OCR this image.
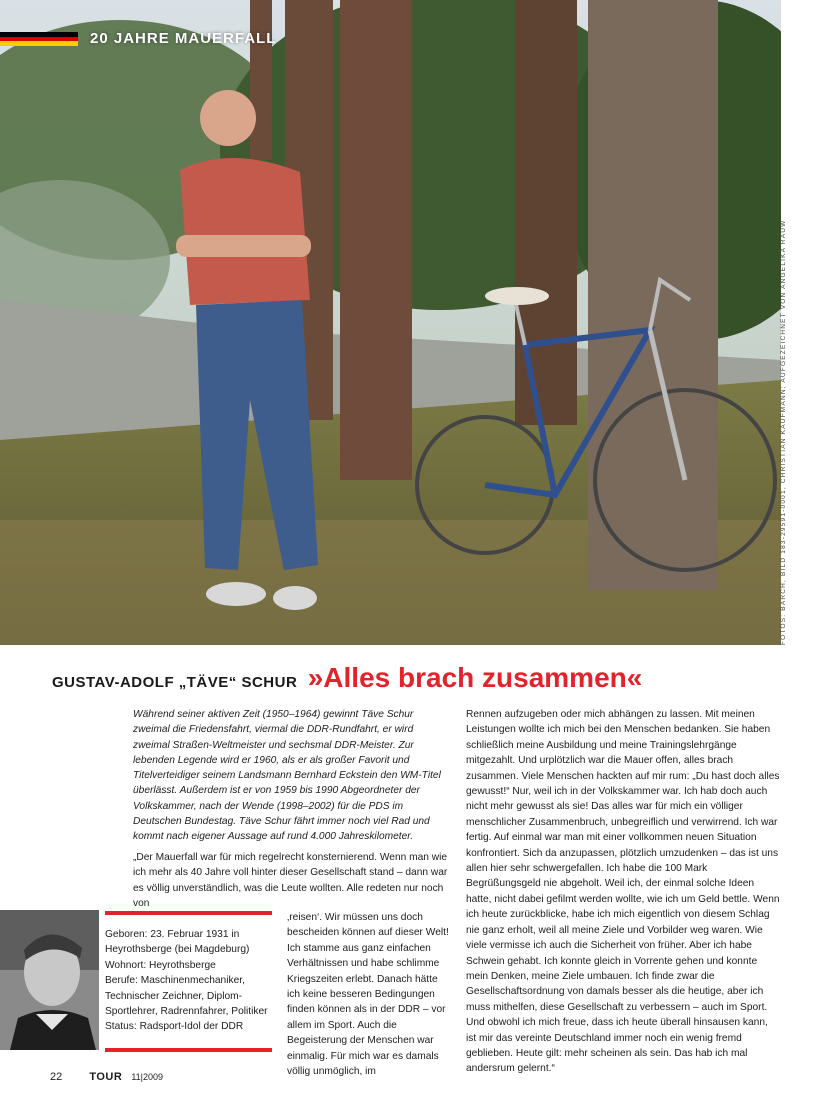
20 JAHRE MAUERFALL
FOTOS: BARCH, BILD 183-29591-0001, CHRISTIAN KAUFMANN; AUFGEZEICHNET VON ANGELIKA RAUW
GUSTAV-ADOLF „TÄVE“ SCHUR »Alles brach zusammen«

Während seiner aktiven Zeit (1950–1964) gewinnt Täve Schur zweimal die Friedensfahrt, viermal die DDR-Rundfahrt, er wird zweimal Straßen-Weltmeister und sechsmal DDR-Meister. Zur lebenden Legende wird er 1960, als er als großer Favorit und Titelverteidiger seinem Landsmann Bernhard Eckstein den WM-Titel überlässt. Außerdem ist er von 1959 bis 1990 Abgeordneter der Volkskammer, nach der Wende (1998–2002) für die PDS im Deutschen Bundestag. Täve Schur fährt immer noch viel Rad und kommt nach eigener Aussage auf rund 4.000 Jahreskilometer.

„Der Mauerfall war für mich regelrecht konsternierend. Wenn man wie ich mehr als 40 Jahre voll hinter dieser Gesellschaft stand – dann war es völlig unverständlich, was die Leute wollten. Alle redeten nur noch von

‚reisen‘. Wir müssen uns doch bescheiden können auf dieser Welt! Ich stamme aus ganz einfachen Verhältnissen und habe schlimme Kriegszeiten erlebt. Danach hätte ich keine besseren Bedingungen finden können als in der DDR – vor allem im Sport. Auch die Begeisterung der Menschen war einmalig. Für mich war es damals völlig unmöglich, im

Rennen aufzugeben oder mich abhängen zu lassen. Mit meinen Leistungen wollte ich mich bei den Menschen bedanken. Sie haben schließlich meine Ausbildung und meine Trainingslehrgänge mitgezahlt. Und urplötzlich war die Mauer offen, alles brach zusammen. Viele Menschen hackten auf mir rum: „Du hast doch alles gewusst!“ Nur, weil ich in der Volkskammer war. Ich hab doch auch nicht mehr gewusst als sie! Das alles war für mich ein völliger menschlicher Zusammenbruch, unbegreiflich und verwirrend. Ich war fertig. Auf einmal war man mit einer vollkommen neuen Situation konfrontiert. Sich da anzupassen, plötzlich umzudenken – das ist uns allen hier sehr schwergefallen. Ich habe die 100 Mark Begrüßungsgeld nie abgeholt. Weil ich, der einmal solche Ideen hatte, nicht dabei gefilmt werden wollte, wie ich um Geld bettle. Wenn ich heute zurückblicke, habe ich mich eigentlich von diesem Schlag nie ganz erholt, weil all meine Ziele und Vorbilder weg waren. Wie viele vermisse ich auch die Sicherheit von früher. Aber ich habe Schwein gehabt. Ich konnte gleich in Vorrente gehen und konnte mein Denken, meine Ziele umbauen. Ich finde zwar die Gesellschaftsordnung von damals besser als die heutige, aber ich muss mithelfen, diese Gesellschaft zu verbessern – auch im Sport. Und obwohl ich mich freue, dass ich heute überall hinsausen kann, ist mir das vereinte Deutschland immer noch ein wenig fremd geblieben. Heute gilt: mehr scheinen als sein. Das hab ich mal andersrum gelernt.“

Geboren: 23. Februar 1931 in Heyrothsberge (bei Magdeburg)

Wohnort: Heyrothsberge

Berufe: Maschinenmechaniker, Technischer Zeichner, Diplom-Sportlehrer, Radrennfahrer, Politiker

Status: Radsport-Idol der DDR

22 TOUR 11|2009
